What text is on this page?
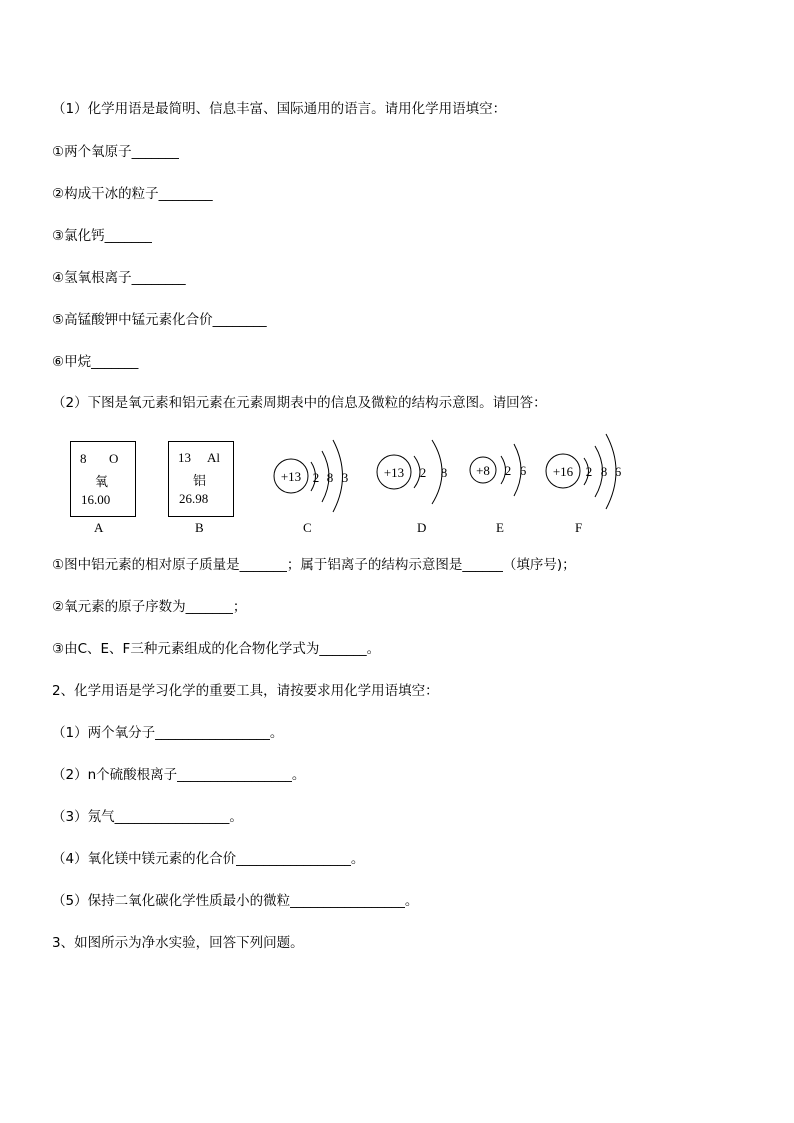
（1）化学用语是最简明、信息丰富、国际通用的语言。请用化学用语填空：
①两个氧原子_______
②构成干冰的粒子________
③氯化钙_______
④氢氧根离子________
⑤高锰酸钾中锰元素化合价________
⑥甲烷_______
（2）下图是氧元素和铝元素在元素周期表中的信息及微粒的结构示意图。请回答：
8 O
氧
16.00
A
13 Al
铝
26.98
B
+13 2 8 3	+13 2 8 +8 2 6 +16 2 8 6
C	D	E	F
①图中铝元素的相对原子质量是_______；属于铝离子的结构示意图是______（填序号)；
②氧元素的原子序数为_______；
③由C、E、F三种元素组成的化合物化学式为_______。
2、化学用语是学习化学的重要工具，请按要求用化学用语填空：
（1）两个氧分子_________________。
（2）n个硫酸根离子_________________。
（3）氖气_________________。
（4）氧化镁中镁元素的化合价_________________。
（5）保持二氧化碳化学性质最小的微粒_________________。
3、如图所示为净水实验，回答下列问题。
